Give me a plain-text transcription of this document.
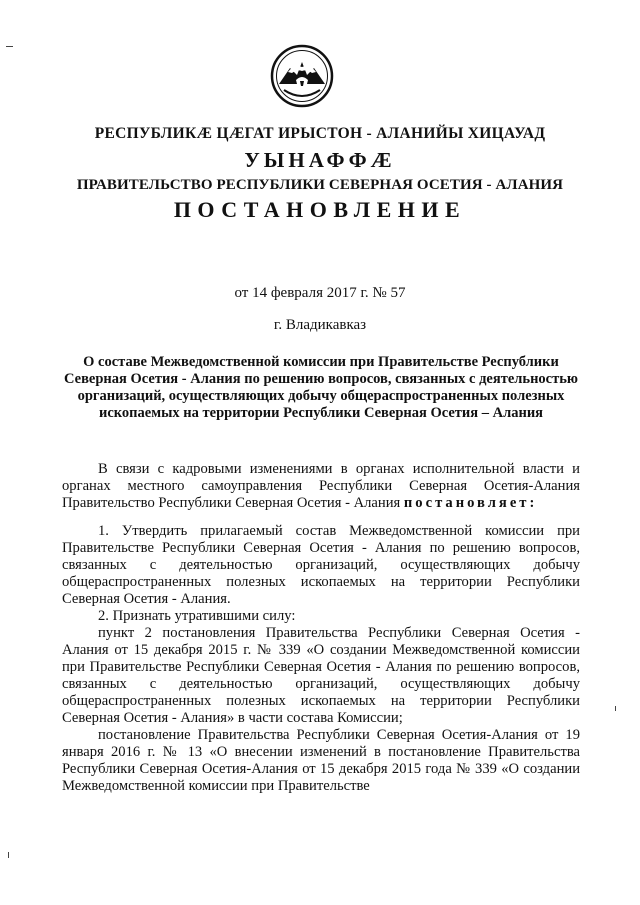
РЕСПУБЛИКӔ ЦӔГАТ ИРЫСТОН - АЛАНИЙЫ ХИЦАУАД
УЫНАФФӔ
ПРАВИТЕЛЬСТВО РЕСПУБЛИКИ СЕВЕРНАЯ ОСЕТИЯ - АЛАНИЯ
ПОСТАНОВЛЕНИЕ
от 14 февраля 2017 г. № 57
г. Владикавказ
О составе Межведомственной комиссии при Правительстве Республики Северная Осетия - Алания по решению вопросов, связанных с деятельностью организаций, осуществляющих добычу общераспространенных полезных ископаемых на территории Республики Северная Осетия – Алания

В связи с кадровыми изменениями в органах исполнительной власти и органах местного самоуправления Республики Северная Осетия-Алания Правительство Республики Северная Осетия - Алания постановляет:

1. Утвердить прилагаемый состав Межведомственной комиссии при Правительстве Республики Северная Осетия - Алания по решению вопросов, связанных с деятельностью организаций, осуществляющих добычу общераспространенных полезных ископаемых на территории Республики Северная Осетия - Алания.

2. Признать утратившими силу:

пункт 2 постановления Правительства Республики Северная Осетия - Алания от 15 декабря 2015 г. № 339 «О создании Межведомственной комиссии при Правительстве Республики Северная Осетия - Алания по решению вопросов, связанных с деятельностью организаций, осуществляющих добычу общераспространенных полезных ископаемых на территории Республики Северная Осетия - Алания» в части состава Комиссии;

постановление Правительства Республики Северная Осетия-Алания от 19 января 2016 г. № 13 «О внесении изменений в постановление Правительства Республики Северная Осетия-Алания от 15 декабря 2015 года № 339 «О создании Межведомственной комиссии при Правительстве
